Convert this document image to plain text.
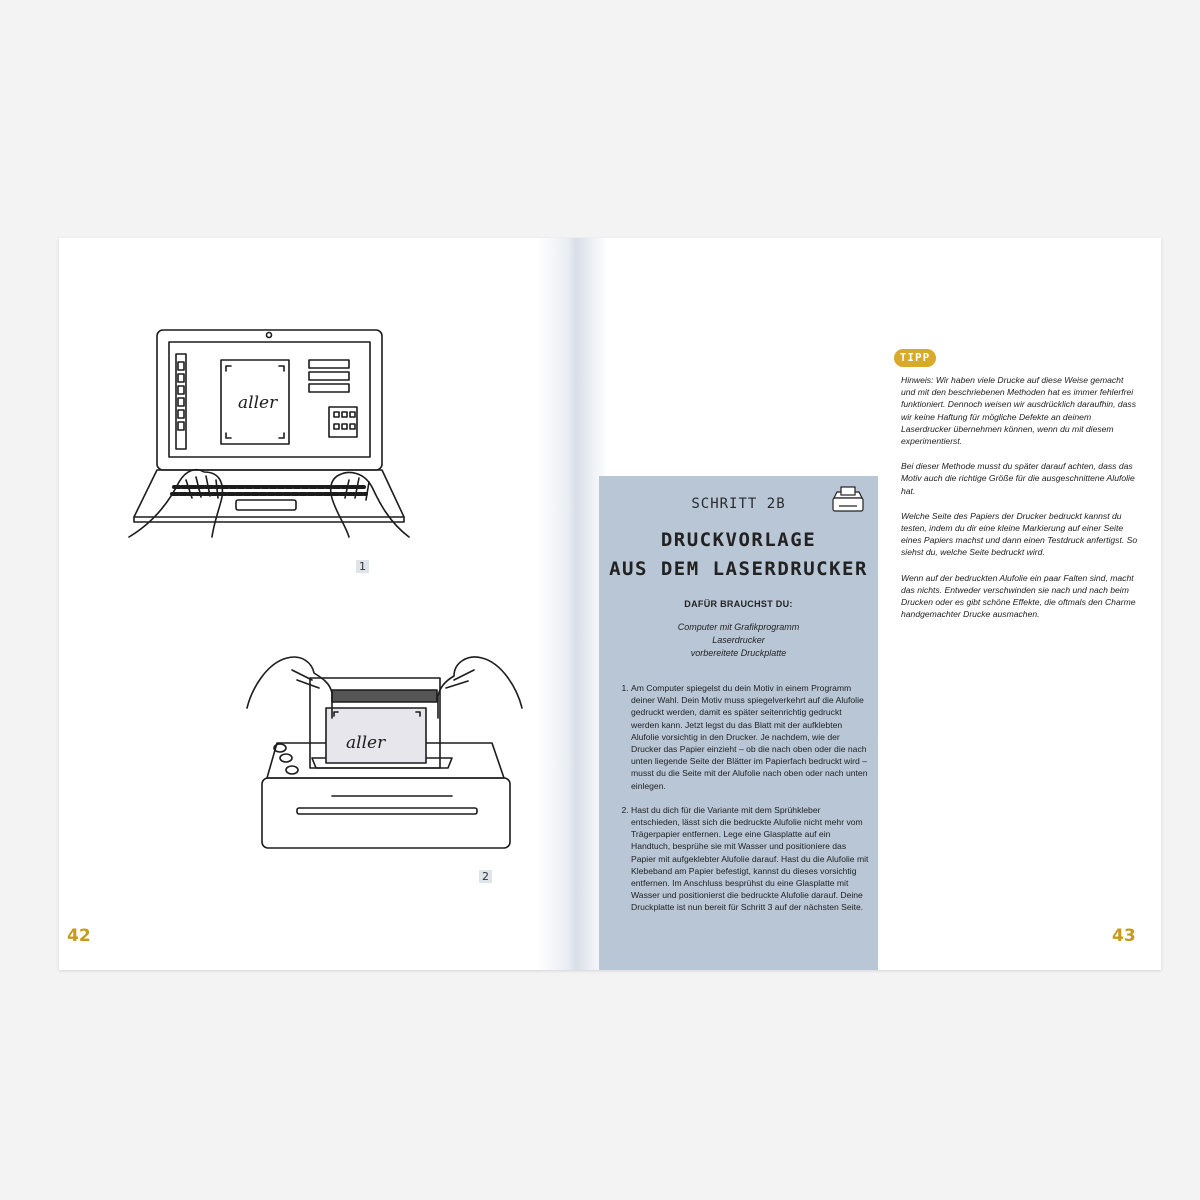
aller
1
aller
2
42
SCHRITT 2B
DRUCKVORLAGE
AUS DEM LASERDRUCKER
DAFÜR BRAUCHST DU:
Computer mit Grafikprogramm
Laserdrucker
vorbereitete Druckplatte
1. Am Computer spiegelst du dein Motiv in einem Programm deiner Wahl. Dein Motiv muss spiegelverkehrt auf die Alufolie gedruckt werden, damit es später seitenrichtig gedruckt werden kann. Jetzt legst du das Blatt mit der aufklebten Alufolie vorsichtig in den Drucker. Je nachdem, wie der Drucker das Papier einzieht – ob die nach oben oder die nach unten liegende Seite der Blätter im Papierfach bedruckt wird – musst du die Seite mit der Alufolie nach oben oder nach unten einlegen.
2. Hast du dich für die Variante mit dem Sprühkleber entschieden, lässt sich die bedruckte Alufolie nicht mehr vom Trägerpapier entfernen. Lege eine Glasplatte auf ein Handtuch, besprühe sie mit Wasser und positioniere das Papier mit aufgeklebter Alufolie darauf. Hast du die Alufolie mit Klebeband am Papier befestigt, kannst du dieses vorsichtig entfernen. Im Anschluss besprühst du eine Glasplatte mit Wasser und positionierst die bedruckte Alufolie darauf. Deine Druckplatte ist nun bereit für Schritt 3 auf der nächsten Seite.
TIPP

Hinweis: Wir haben viele Drucke auf diese Weise gemacht und mit den beschriebenen Methoden hat es immer fehlerfrei funktioniert. Dennoch weisen wir ausdrücklich daraufhin, dass wir keine Haftung für mögliche Defekte an deinem Laserdrucker übernehmen können, wenn du mit diesem experimentierst.

Bei dieser Methode musst du später darauf achten, dass das Motiv auch die richtige Größe für die ausgeschnittene Alufolie hat.

Welche Seite des Papiers der Drucker bedruckt kannst du testen, indem du dir eine kleine Markierung auf einer Seite eines Papiers machst und dann einen Testdruck anfertigst. So siehst du, welche Seite bedruckt wird.

Wenn auf der bedruckten Alufolie ein paar Falten sind, macht das nichts. Entweder verschwinden sie nach und nach beim Drucken oder es gibt schöne Effekte, die oftmals den Charme handgemachter Drucke ausmachen.

43
